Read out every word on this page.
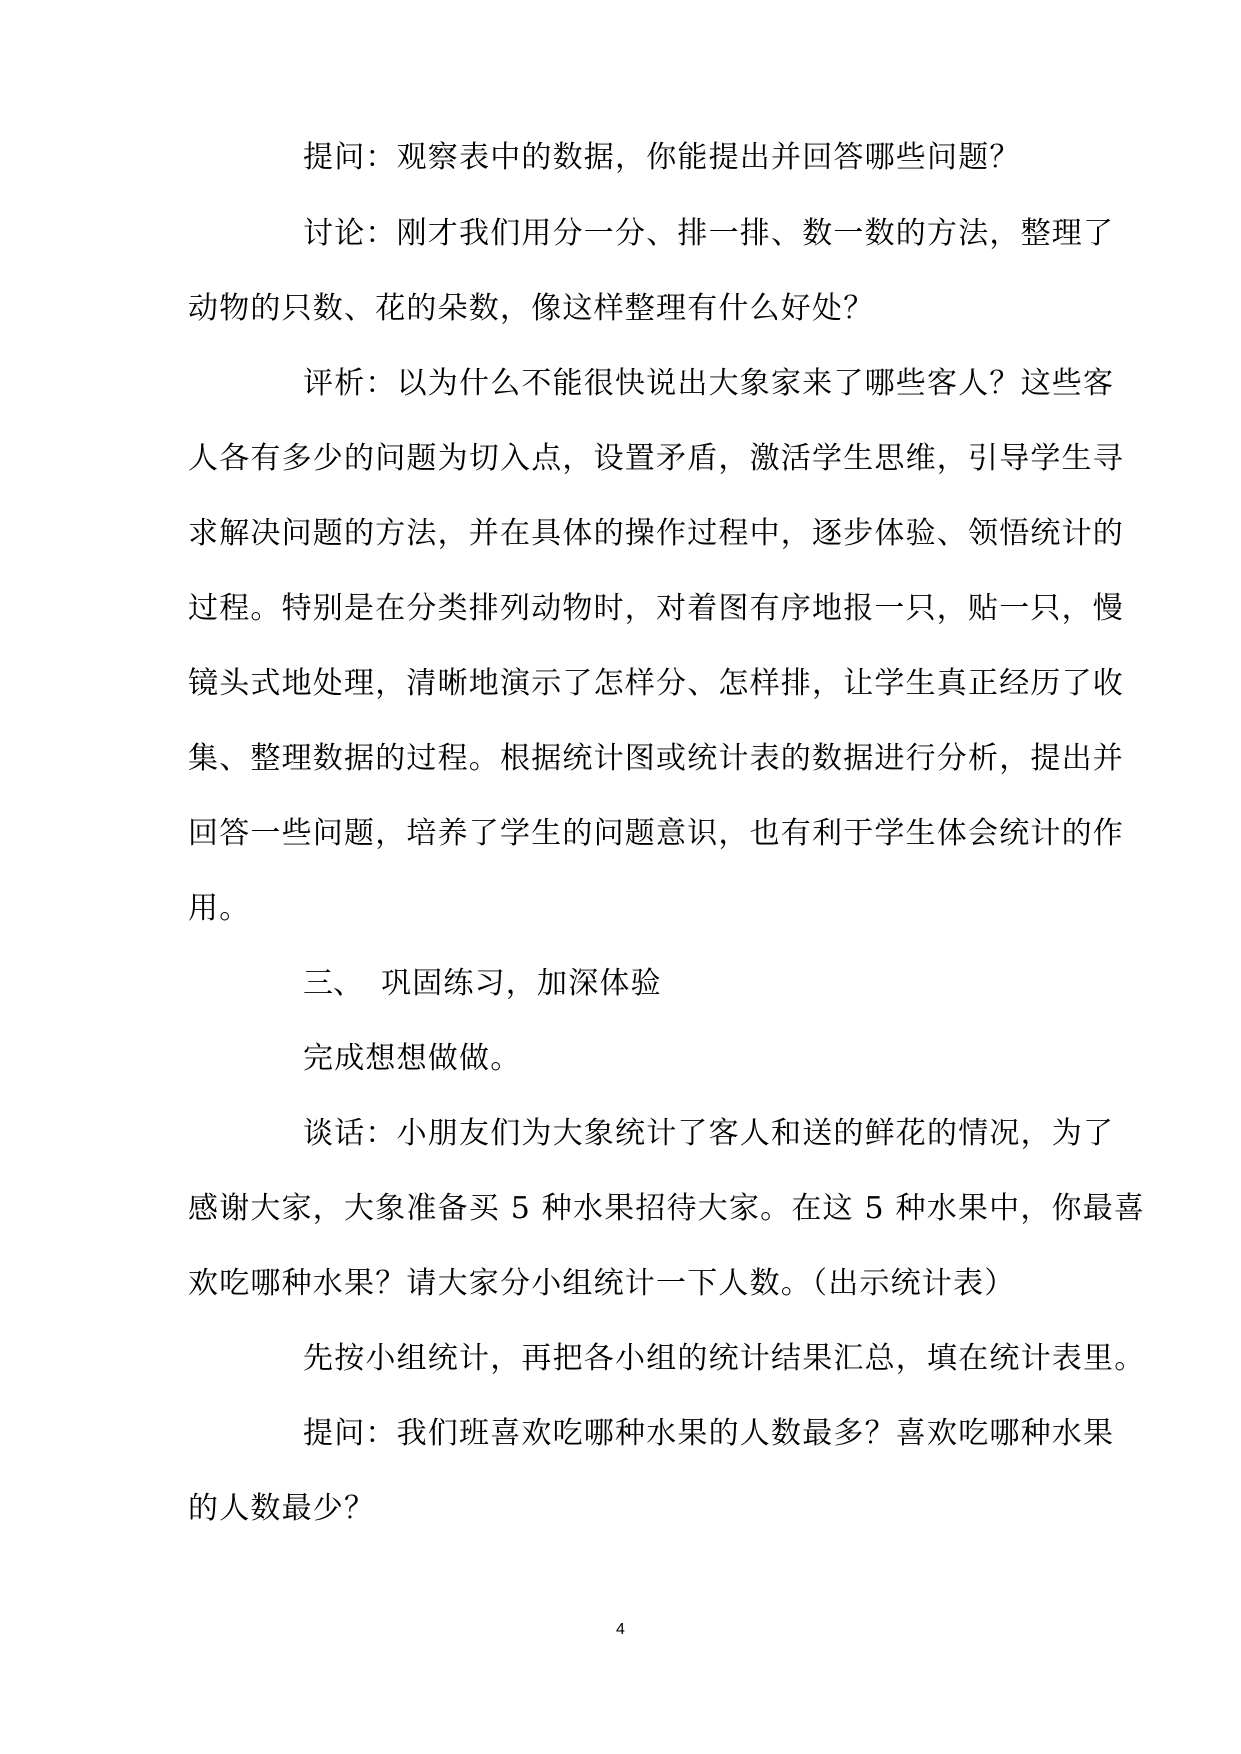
提问：观察表中的数据，你能提出并回答哪些问题？
讨论：刚才我们用分一分、排一排、数一数的方法，整理了
动物的只数、花的朵数，像这样整理有什么好处？
评析：以为什么不能很快说出大象家来了哪些客人？这些客
人各有多少的问题为切入点，设置矛盾，激活学生思维，引导学生寻
求解决问题的方法，并在具体的操作过程中，逐步体验、领悟统计的
过程。特别是在分类排列动物时，对着图有序地报一只，贴一只，慢
镜头式地处理，清晰地演示了怎样分、怎样排，让学生真正经历了收
集、整理数据的过程。根据统计图或统计表的数据进行分析，提出并
回答一些问题，培养了学生的问题意识，也有利于学生体会统计的作
用。
三、 巩固练习，加深体验
完成想想做做。
谈话：小朋友们为大象统计了客人和送的鲜花的情况，为了
感谢大家，大象准备买 5 种水果招待大家。在这 5 种水果中，你最喜
欢吃哪种水果？请大家分小组统计一下人数。（出示统计表）
先按小组统计，再把各小组的统计结果汇总，填在统计表里。
提问：我们班喜欢吃哪种水果的人数最多？喜欢吃哪种水果
的人数最少？
4
